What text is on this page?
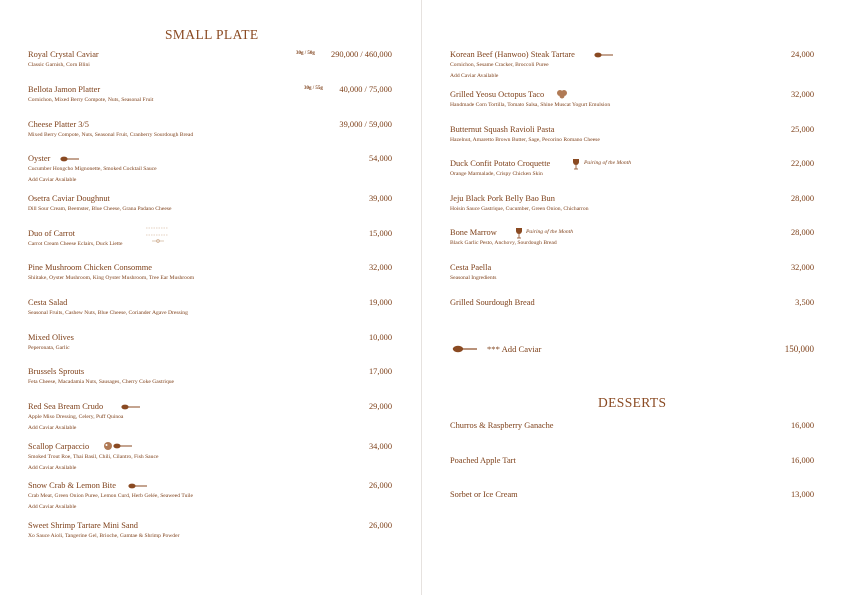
SMALL PLATE
Royal Crystal Caviar
Classic Garnish, Corn Blini
30g / 50g 290,000 / 460,000
Bellota Jamon Platter
Cornichon, Mixed Berry Compote, Nuts, Seasonal Fruit
30g / 55g 40,000 / 75,000
Cheese Platter 3/5
Mixed Berry Compote, Nuts, Seasonal Fruit, Cranberry Sourdough Bread
39,000 / 59,000
Oyster
Cucumber Hongcho Mignonette, Smoked Cocktail Sauce
Add Caviar Available
54,000
Osetra Caviar Doughnut
Dill Sour Cream, Beemster, Blue Cheese, Grana Padano Cheese
39,000
Duo of Carrot
Carrot Cream Cheese Eclairs, Duck Liette
15,000
Pine Mushroom Chicken Consomme
Shiitake, Oyster Mushroom, King Oyster Mushroom, Tree Ear Mushroom
32,000
Cesta Salad
Seasonal Fruits, Cashew Nuts, Blue Cheese, Coriander Agave Dressing
19,000
Mixed Olives
Peperonata, Garlic
10,000
Brussels Sprouts
Feta Cheese, Macadamia Nuts, Sausages, Cherry Coke Gastrique
17,000
Red Sea Bream Crudo
Apple Miso Dressing, Celery, Puff Quinoa
Add Caviar Available
29,000
Scallop Carpaccio
Smoked Trout Roe, Thai Basil, Chili, Cilantro, Fish Sauce
Add Caviar Available
34,000
Snow Crab & Lemon Bite
Crab Meat, Green Onion Puree, Lemon Curd, Herb Gelée, Seaweed Tuile
Add Caviar Available
26,000
Sweet Shrimp Tartare Mini Sand
Xo Sauce Aioli, Tangerine Gel, Brioche, Gamtae & Shrimp Powder
26,000
Korean Beef (Hanwoo) Steak Tartare
Cornichon, Sesame Cracker, Broccoli Puree
Add Caviar Available
24,000
Grilled Yeosu Octopus Taco
Handmade Corn Tortilla, Tomato Salsa, Shine Muscat Yogurt Emulsion
32,000
Butternut Squash Ravioli Pasta
Hazelnut, Amaretto Brown Butter, Sage, Pecorino Romano Cheese
25,000
Duck Confit Potato Croquette	Pairing of the Month
Orange Marmalade, Crispy Chicken Skin
22,000
Jeju Black Pork Belly Bao Bun
Hoisin Sauce Gastrique, Cucumber, Green Onion, Chicharron
28,000
Bone Marrow	Pairing of the Month
Black Garlic Pesto, Anchovy, Sourdough Bread
28,000
Cesta Paella
Seasonal Ingredients
32,000
Grilled Sourdough Bread	3,500
*** Add Caviar	150,000
DESSERTS
Churros & Raspberry Ganache	16,000
Poached Apple Tart	16,000
Sorbet or Ice Cream	13,000
